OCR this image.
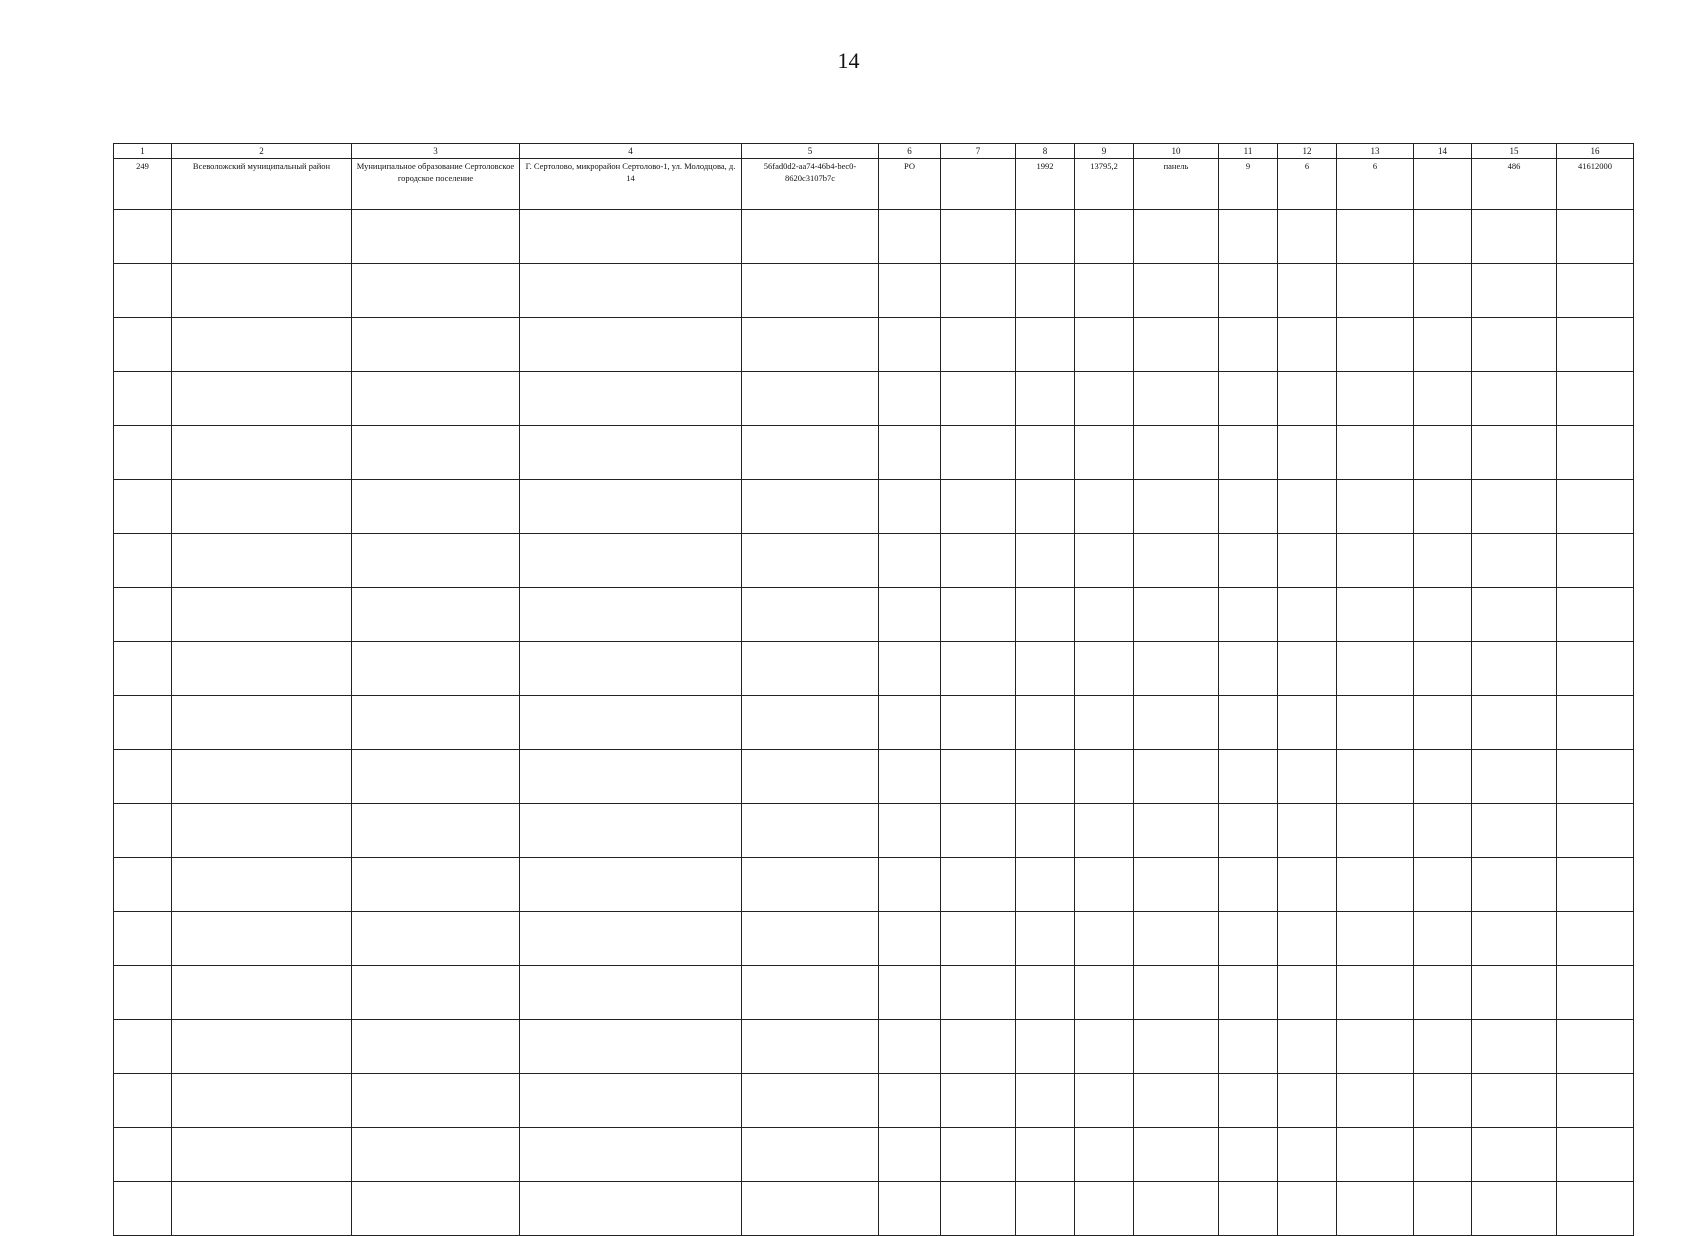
14
1	2	3	4	5	6	7	8	9	10	11	12	13	14	15	16
249	Всеволожский муниципальный район	Муниципальное образование Сертоловское городское поселение	Г. Сертолово, микрорайон Сертолово-1, ул. Молодцова, д. 14	56fad0d2-aa74-46b4-bec0-8620c3107b7c	РО		1992	13795,2	панель	9	6	6		486	41612000
